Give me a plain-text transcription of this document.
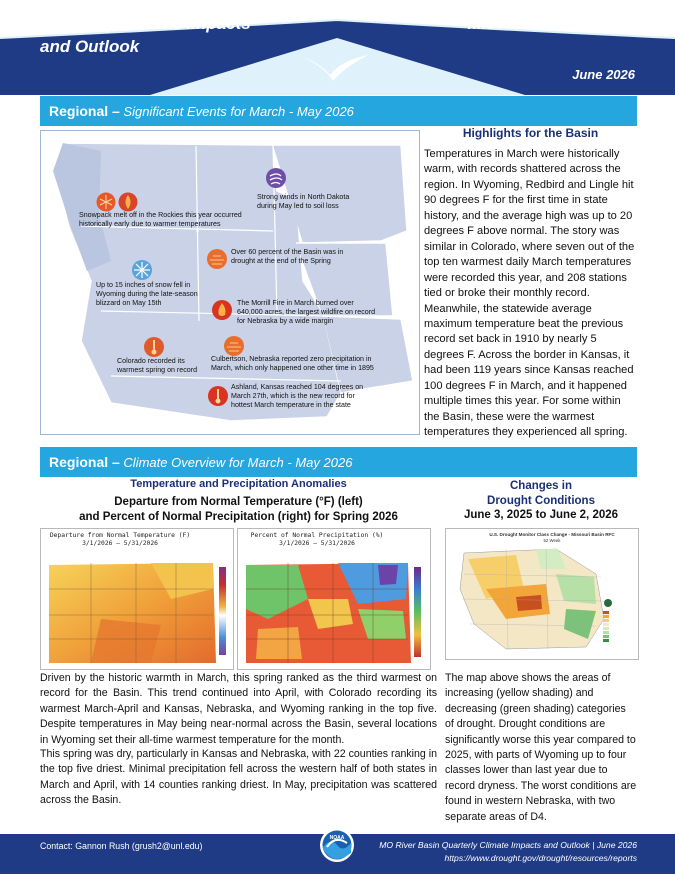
Quarterly Climate Impacts
and Outlook
Missouri River Basin
June 2026
Regional – Significant Events for March - May 2026
Snowpack melt off in the Rockies this year occurred historically early due to warmer temperatures
Strong winds in North Dakota during May led to soil loss
Over 60 percent of the Basin was in drought at the end of the Spring
Up to 15 inches of snow fell in Wyoming during the late-season blizzard on May 15th	The Morrill Fire in March burned over 640,000 acres, the largest wildfire on record for Nebraska by a wide margin
Colorado recorded its warmest spring on record
Culbertson, Nebraska reported zero precipitation in March, which only happened one other time in 1895
Ashland, Kansas reached 104 degrees on March 27th, which is the new record for hottest March temperature in the state
Highlights for the Basin

Temperatures in March were historically warm, with records shattered across the region. In Wyoming, Redbird and Lingle hit 90 degrees F for the first time in state history, and the average high was up to 20 degrees F above normal. The story was similar in Colorado, where seven out of the top ten warmest daily March temperatures were recorded this year, and 208 stations tied or broke their monthly record. Meanwhile, the statewide average maximum temperature beat the previous record set back in 1910 by nearly 5 degrees F. Across the border in Kansas, it had been 119 years since Kansas reached 100 degrees F in March, and it happened multiple times this year. For some within the Basin, these were the warmest temperatures they experienced all spring.

Regional – Climate Overview for March - May 2026
Temperature and Precipitation Anomalies
Departure from Normal Temperature (°F) (left)
and Percent of Normal Precipitation (right) for Spring 2026
Departure from Normal Temperature (F)
3/1/2026 – 5/31/2026
Percent of Normal Precipitation (%)
3/1/2026 – 5/31/2026
Changes in
Drought Conditions
June 3, 2025 to June 2, 2026
U.S. Drought Monitor Class Change - Missouri Basin RFC
52 Week

Driven by the historic warmth in March, this spring ranked as the third warmest on record for the Basin. This trend continued into April, with Colorado recording its warmest March-April and Kansas, Nebraska, and Wyoming ranking in the top five. Despite temperatures in May being near-normal across the Basin, several locations in Wyoming set their all-time warmest temperature for the month.

This spring was dry, particularly in Kansas and Nebraska, with 22 counties ranking in the top five driest. Minimal precipitation fell across the western half of both states in March and April, with 14 counties ranking driest. In May, precipitation was scattered across the Basin.

The map above shows the areas of increasing (yellow shading) and decreasing (green shading) categories of drought. Drought conditions are significantly worse this year compared to 2025, with parts of Wyoming up to four classes lower than last year due to record dryness. The worst conditions are found in western Nebraska, with two separate areas of D4.

Contact: Gannon Rush (grush2@unl.edu)	MO River Basin Quarterly Climate Impacts and Outlook | June 2026
https://www.drought.gov/drought/resources/reports
NOAA
